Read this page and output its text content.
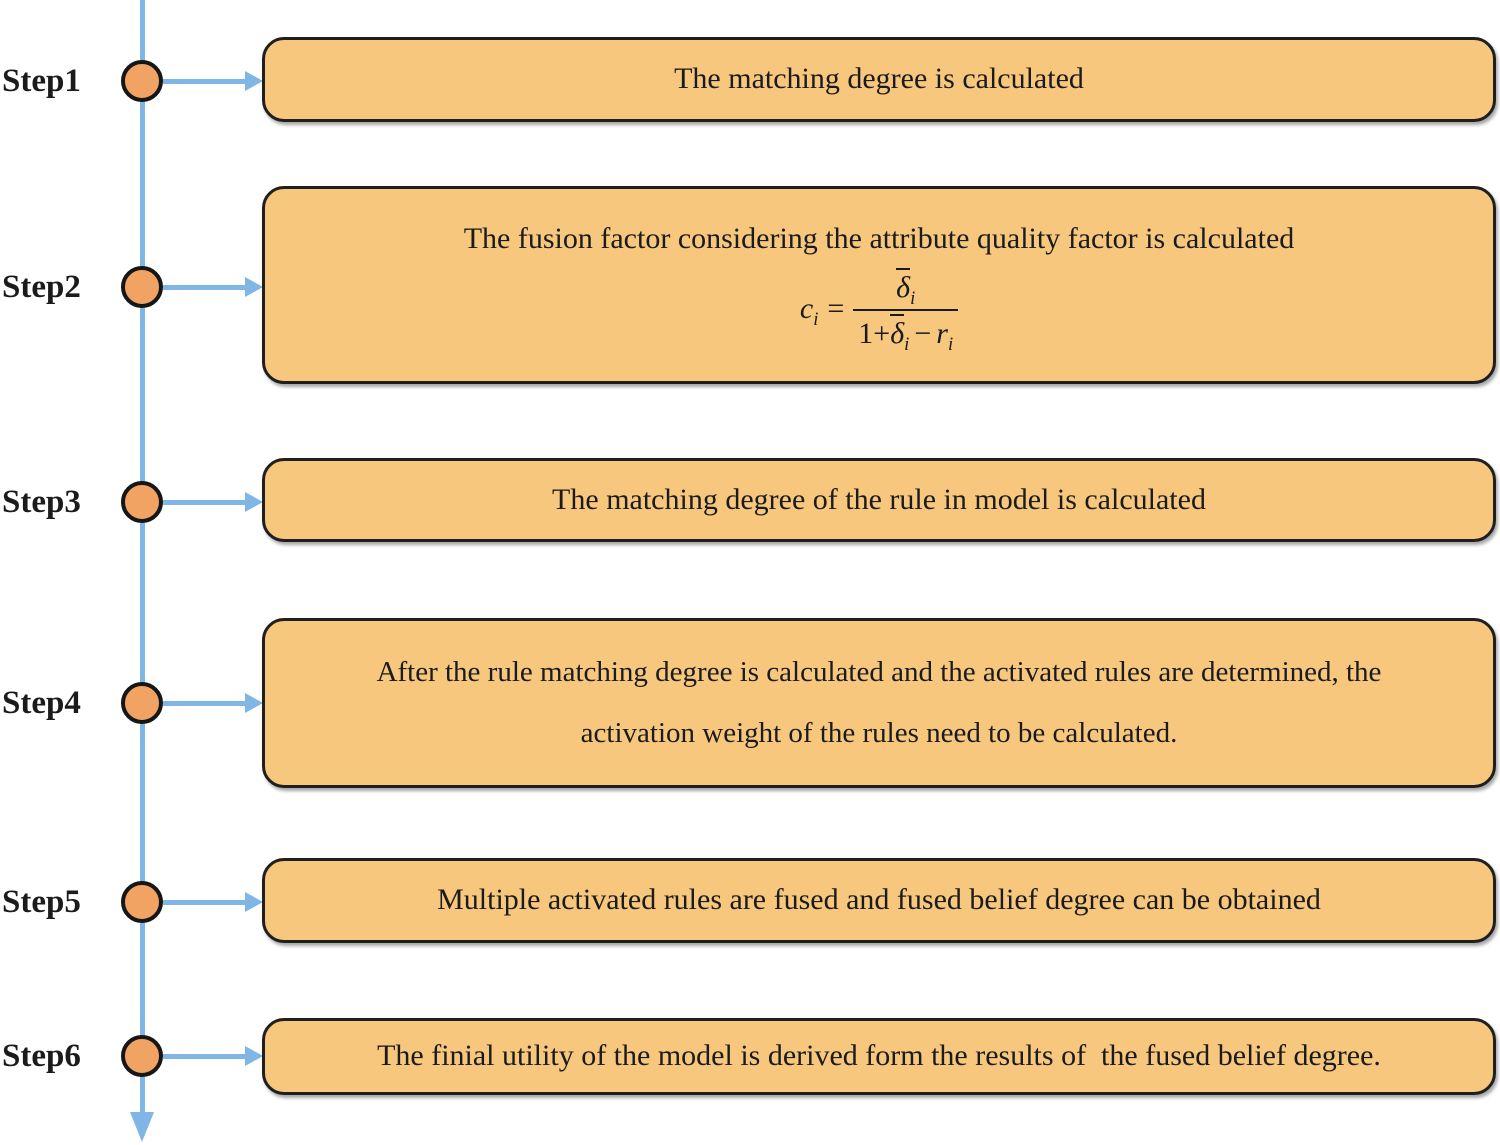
Step1	The matching degree is calculated
Step2
The fusion factor considering the attribute quality factor is calculated
$c_i = \frac{\delta_i}{1+\delta_i - r_i}$
Step3	The matching degree of the rule in model is calculated
Step4
After the rule matching degree is calculated and the activated rules are determined, the
activation weight of the rules need to be calculated.
Step5	Multiple activated rules are fused and fused belief degree can be obtained
Step6	The finial utility of the model is derived form the results of  the fused belief degree.
